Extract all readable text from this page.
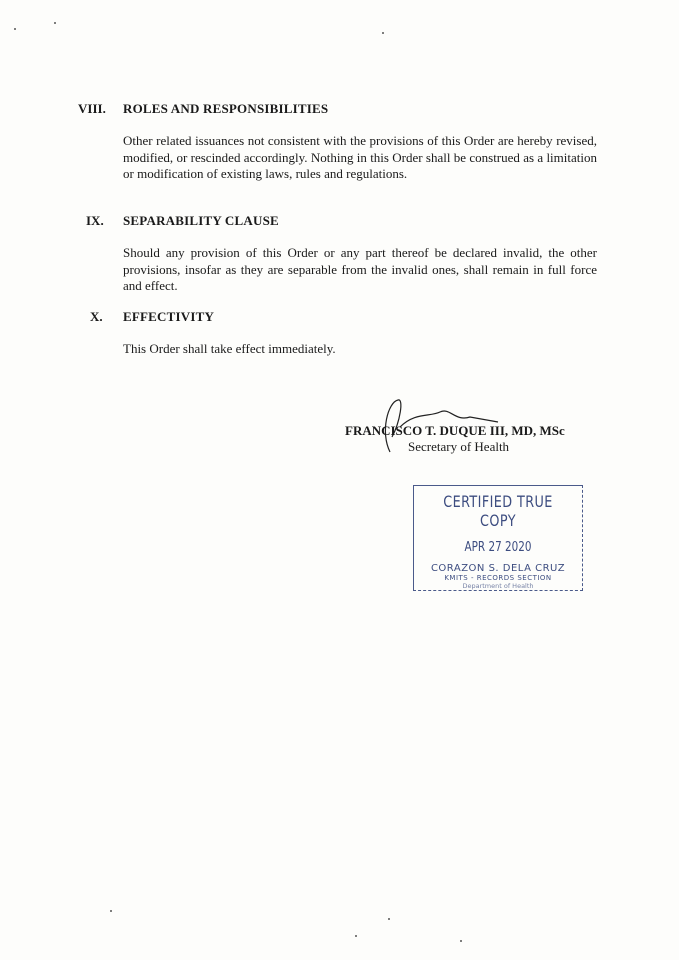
VIII. ROLES AND RESPONSIBILITIES
Other related issuances not consistent with the provisions of this Order are hereby revised, modified, or rescinded accordingly. Nothing in this Order shall be construed as a limitation or modification of existing laws, rules and regulations.
IX. SEPARABILITY CLAUSE
Should any provision of this Order or any part thereof be declared invalid, the other provisions, insofar as they are separable from the invalid ones, shall remain in full force and effect.
X. EFFECTIVITY
This Order shall take effect immediately.
FRANCISCO T. DUQUE III, MD, MSc
Secretary of Health
CERTIFIED TRUE COPY
APR 27 2020
CORAZON S. DELA CRUZ
KMITS - RECORDS SECTION
Department of Health
